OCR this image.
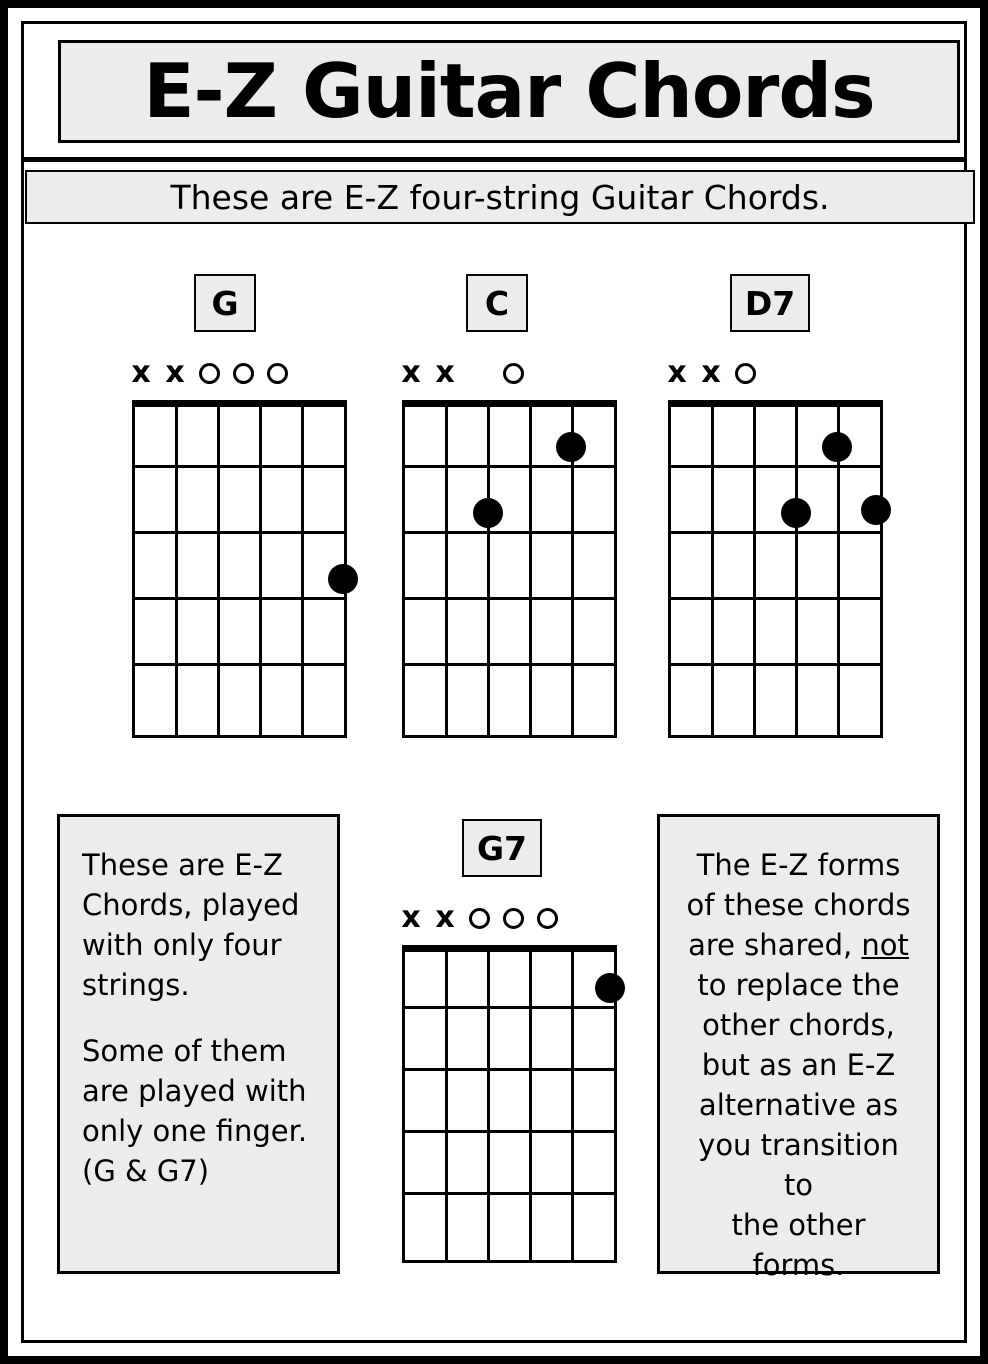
E-Z Guitar Chords
These are E-Z four-string Guitar Chords.
G
x x
C
x x
D7
x x

These are E-Z

Chords, played

with only four

strings.

Some of them

are played with

only one finger.

(G & G7)

G7
x x

The E-Z forms

of these chords

are shared, not

to replace the

other chords,

but as an E-Z

alternative as

you transition to

the other forms.
